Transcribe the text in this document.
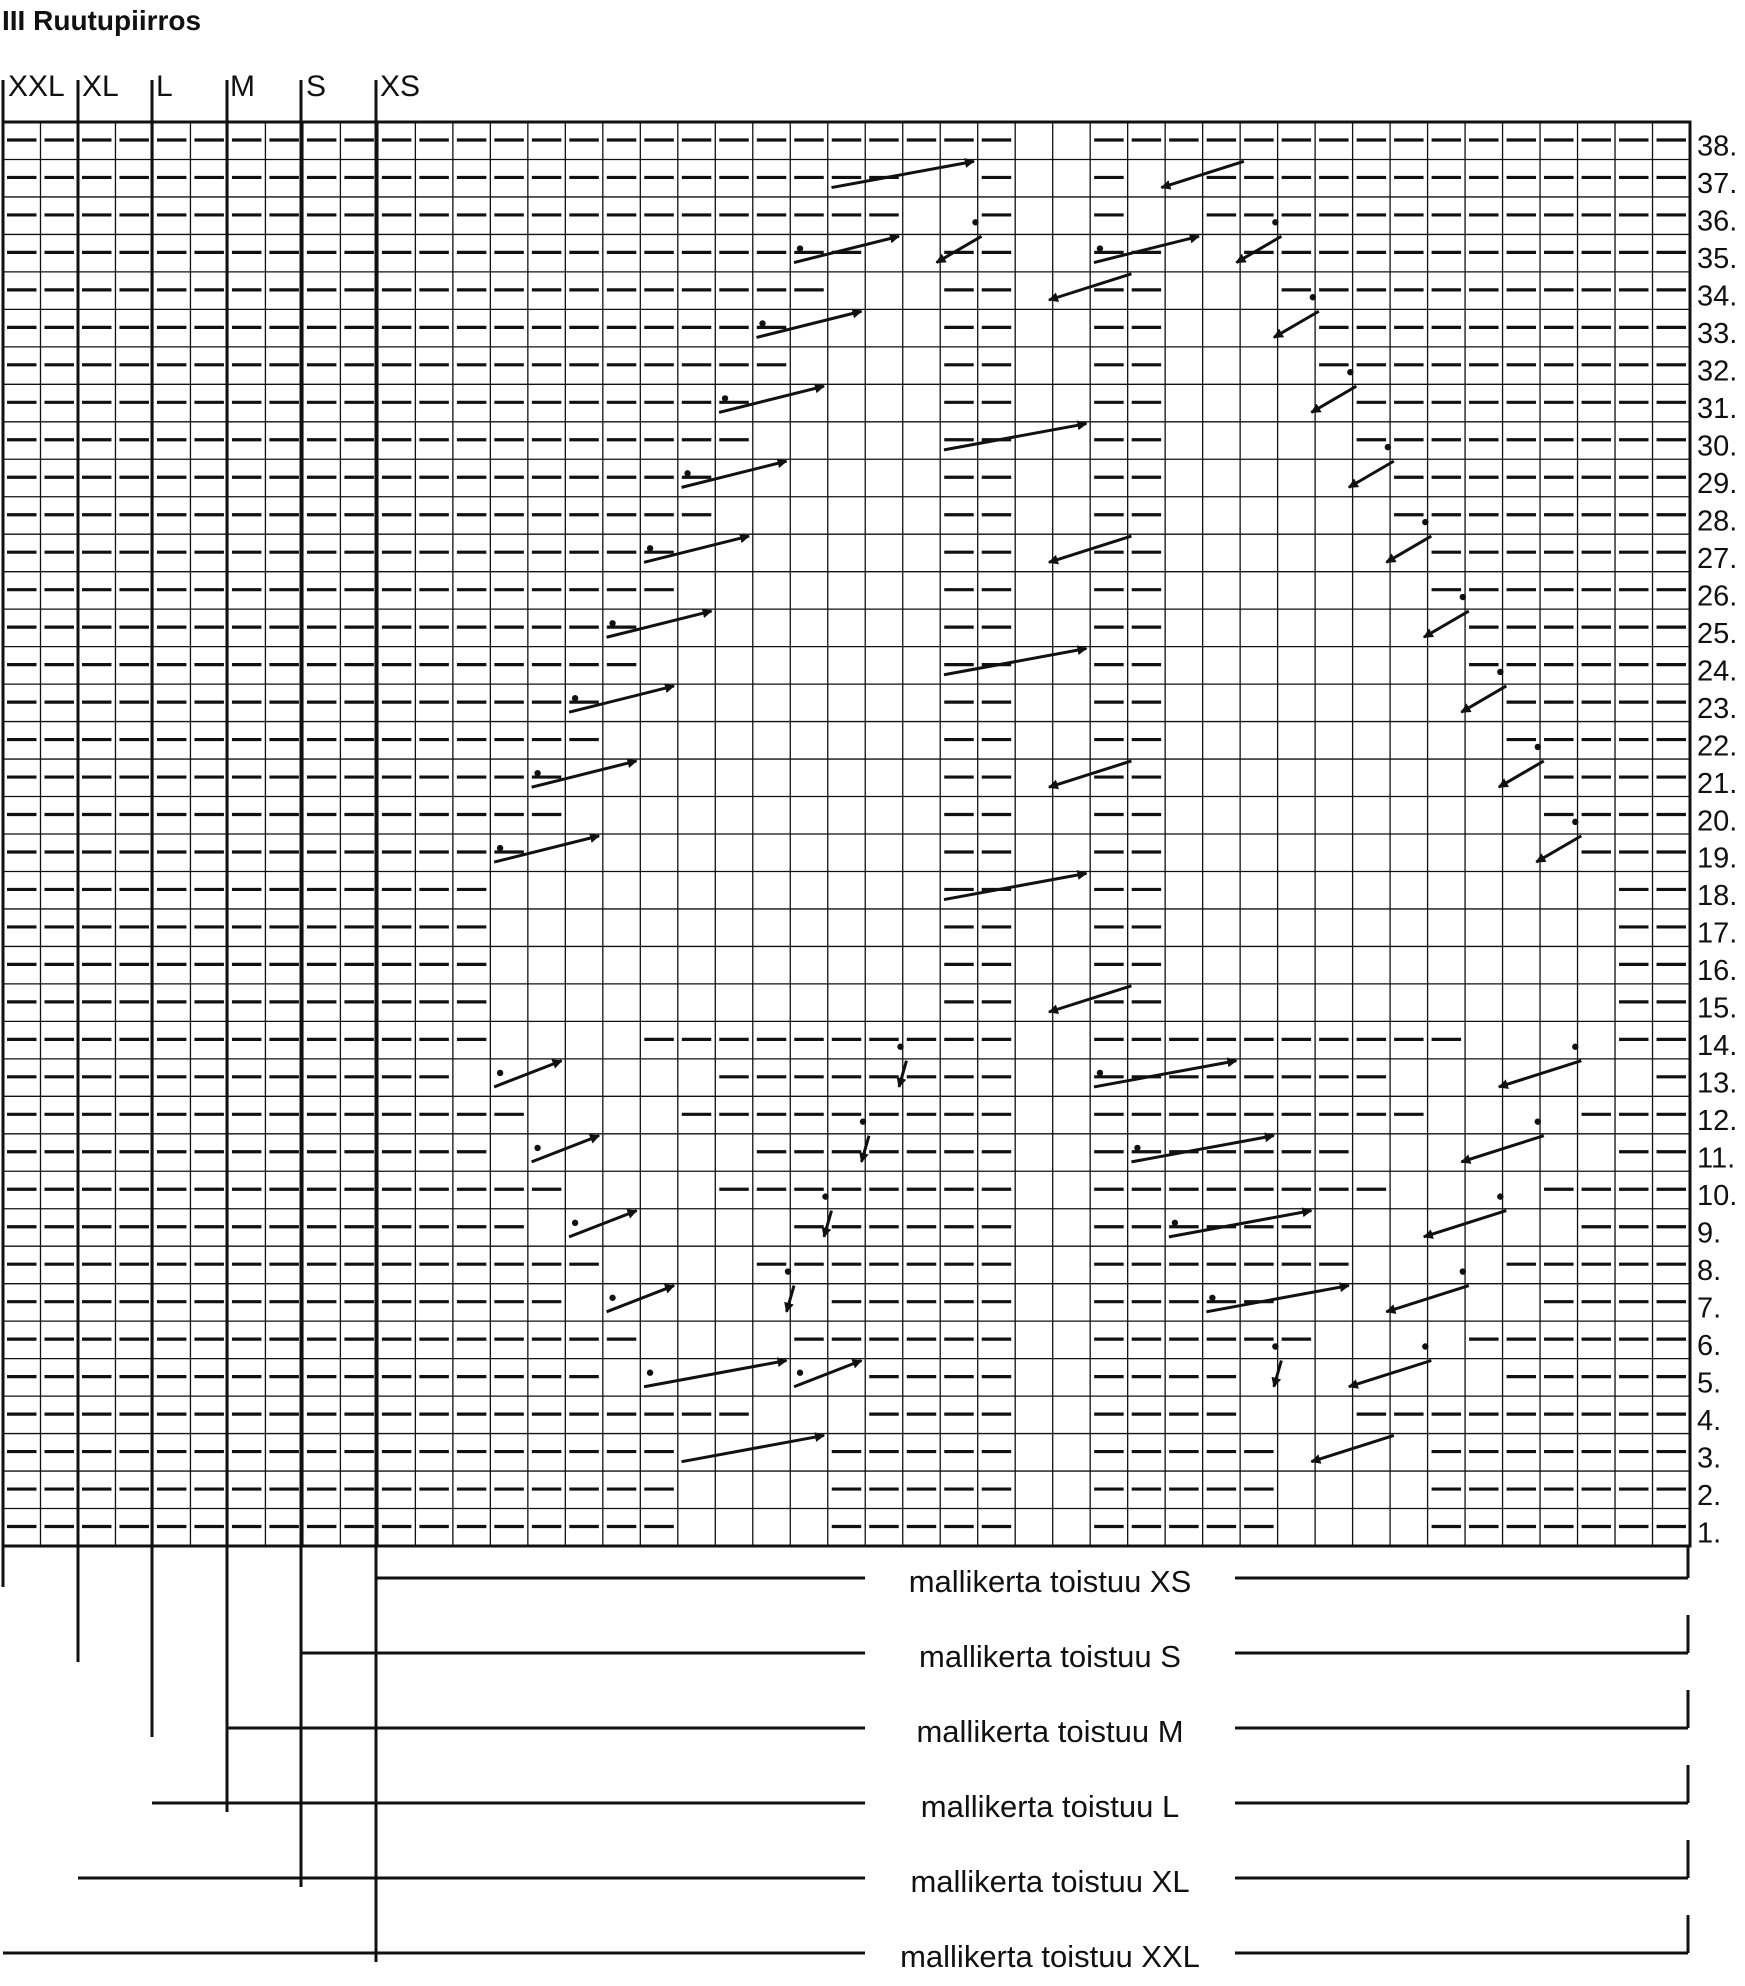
III Ruutupiirros
XXL XL L M S XS
1.
2.
3.
4.
5.
6.
7.
8.
9.
10.
11.
12.
13.
14.
15.
16.
17.
18.
19.
20.
21.
22.
23.
24.
25.
26.
27.
28.
29.
30.
31.
32.
33.
34.
35.
36.
37.
38.
mallikerta toistuu XS
mallikerta toistuu S
mallikerta toistuu M
mallikerta toistuu L
mallikerta toistuu XL
mallikerta toistuu XXL
